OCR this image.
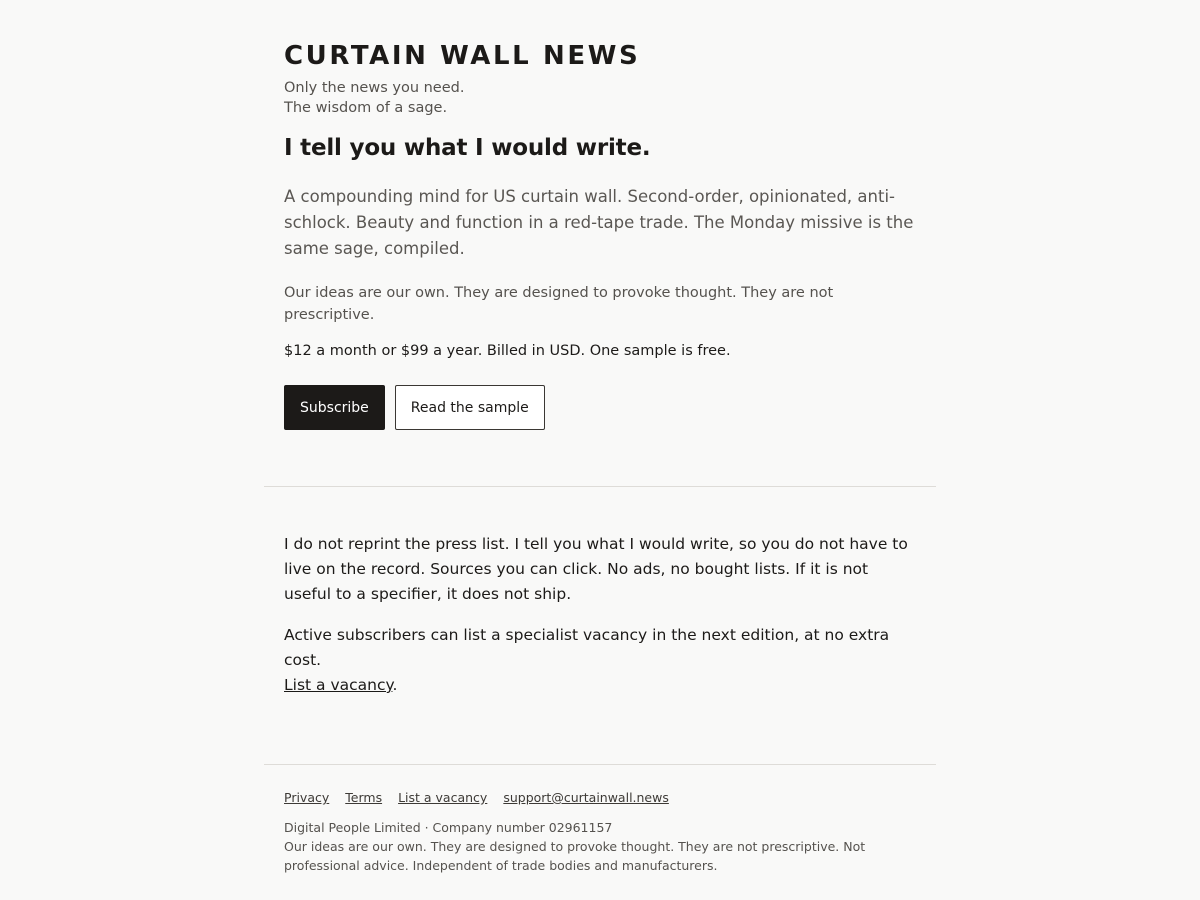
CURTAIN WALL NEWS

Only the news you need.

The wisdom of a sage.

I tell you what I would write.

A compounding mind for US curtain wall. Second-order, opinionated, anti-schlock. Beauty and function in a red-tape trade. The Monday missive is the same sage, compiled.

Our ideas are our own. They are designed to provoke thought. They are not prescriptive.

$12 a month or $99 a year. Billed in USD. One sample is free.

Subscribe	Read the sample

I do not reprint the press list. I tell you what I would write, so you do not have to live on the record. Sources you can click. No ads, no bought lists. If it is not useful to a specifier, it does not ship.

Active subscribers can list a specialist vacancy in the next edition, at no extra cost.
List a vacancy.

Privacy Terms List a vacancy support@curtainwall.news

Digital People Limited · Company number 02961157
Our ideas are our own. They are designed to provoke thought. They are not prescriptive. Not professional advice. Independent of trade bodies and manufacturers.
